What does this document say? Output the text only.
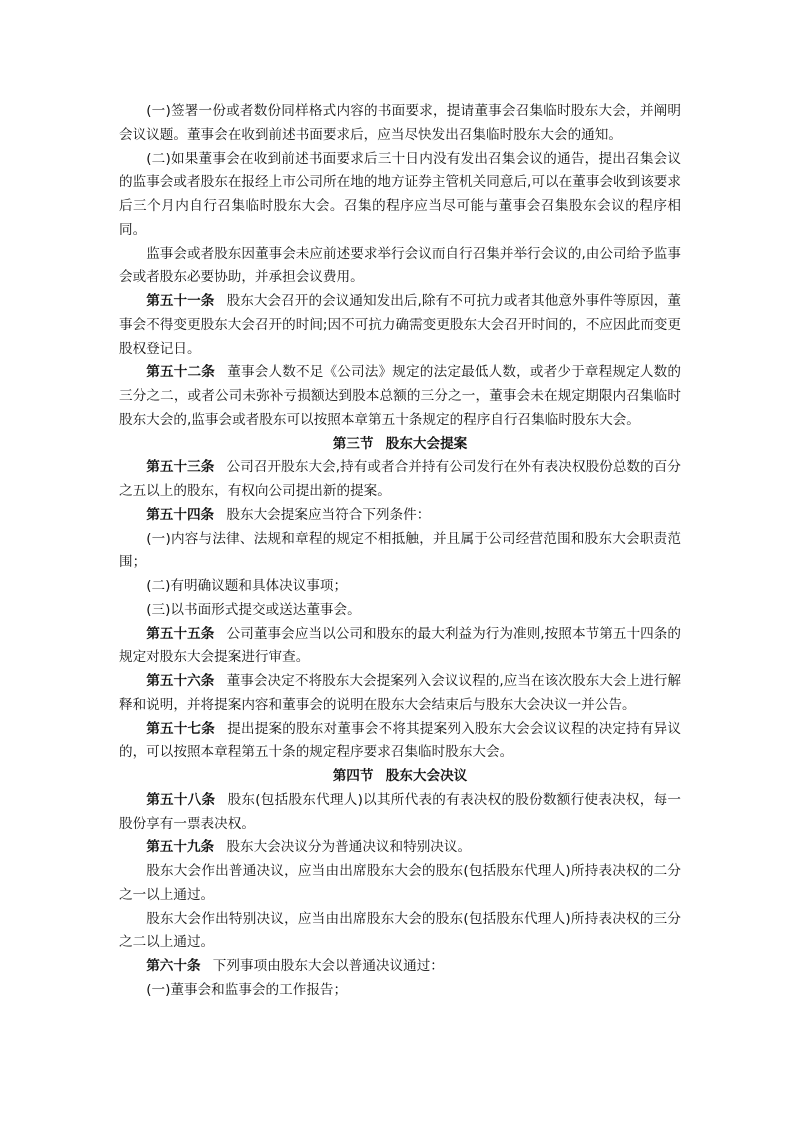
(一)签署一份或者数份同样格式内容的书面要求，提请董事会召集临时股东大会，并阐明会议议题。董事会在收到前述书面要求后，应当尽快发出召集临时股东大会的通知。

(二)如果董事会在收到前述书面要求后三十日内没有发出召集会议的通告，提出召集会议的监事会或者股东在报经上市公司所在地的地方证券主管机关同意后,可以在董事会收到该要求后三个月内自行召集临时股东大会。召集的程序应当尽可能与董事会召集股东会议的程序相同。

监事会或者股东因董事会未应前述要求举行会议而自行召集并举行会议的,由公司给予监事会或者股东必要协助，并承担会议费用。

第五十一条 股东大会召开的会议通知发出后,除有不可抗力或者其他意外事件等原因，董事会不得变更股东大会召开的时间;因不可抗力确需变更股东大会召开时间的，不应因此而变更股权登记日。

第五十二条 董事会人数不足《公司法》规定的法定最低人数，或者少于章程规定人数的三分之二，或者公司未弥补亏损额达到股本总额的三分之一，董事会未在规定期限内召集临时股东大会的,监事会或者股东可以按照本章第五十条规定的程序自行召集临时股东大会。

第三节 股东大会提案

第五十三条 公司召开股东大会,持有或者合并持有公司发行在外有表决权股份总数的百分之五以上的股东，有权向公司提出新的提案。

第五十四条 股东大会提案应当符合下列条件：

(一)内容与法律、法规和章程的规定不相抵触，并且属于公司经营范围和股东大会职责范围；

(二)有明确议题和具体决议事项；

(三)以书面形式提交或送达董事会。

第五十五条 公司董事会应当以公司和股东的最大利益为行为准则,按照本节第五十四条的规定对股东大会提案进行审查。

第五十六条 董事会决定不将股东大会提案列入会议议程的,应当在该次股东大会上进行解释和说明，并将提案内容和董事会的说明在股东大会结束后与股东大会决议一并公告。

第五十七条 提出提案的股东对董事会不将其提案列入股东大会会议议程的决定持有异议的，可以按照本章程第五十条的规定程序要求召集临时股东大会。

第四节 股东大会决议

第五十八条 股东(包括股东代理人)以其所代表的有表决权的股份数额行使表决权，每一股份享有一票表决权。

第五十九条 股东大会决议分为普通决议和特别决议。

股东大会作出普通决议，应当由出席股东大会的股东(包括股东代理人)所持表决权的二分之一以上通过。

股东大会作出特别决议，应当由出席股东大会的股东(包括股东代理人)所持表决权的三分之二以上通过。

第六十条 下列事项由股东大会以普通决议通过：

(一)董事会和监事会的工作报告；
